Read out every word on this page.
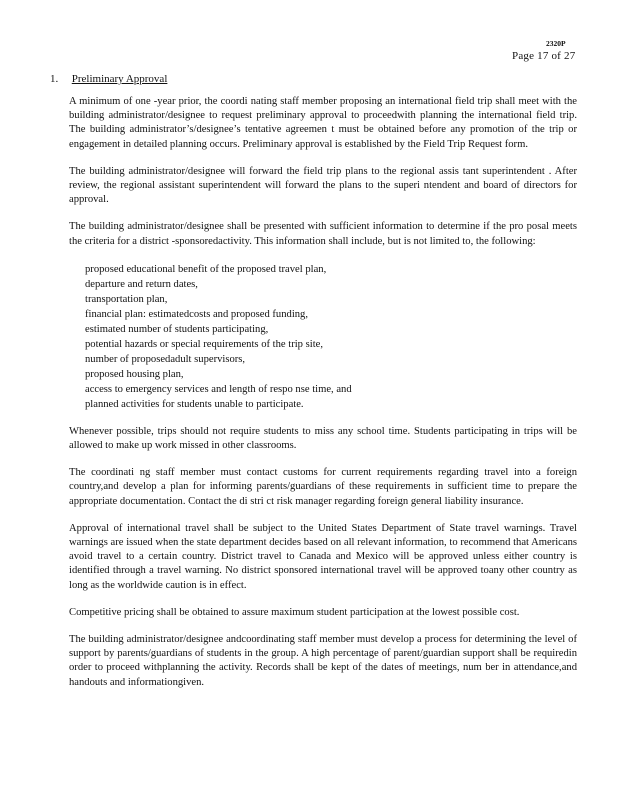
2320P
Page 17 of 27
1. Preliminary Approval

A minimum of one -year prior, the coordi nating staff member proposing an international field trip shall meet with the building administrator/designee to request preliminary approval to proceedwith planning the international field trip. The building administrator’s/designee’s tentative agreemen t must be obtained before any promotion of the trip or engagement in detailed planning occurs. Preliminary approval is established by the Field Trip Request form.

The building administrator/designee will forward the field trip plans to the regional assis tant superintendent . After review, the regional assistant superintendent will forward the plans to the superi ntendent and board of directors for approval.

The building administrator/designee shall be presented with sufficient information to determine if the pro posal meets the criteria for a district -sponsoredactivity. This information shall include, but is not limited to, the following:

proposed educational benefit of the proposed travel plan,
departure and return dates,
transportation plan,
financial plan: estimatedcosts and proposed funding,
estimated number of students participating,
potential hazards or special requirements of the trip site,
number of proposedadult supervisors,
proposed housing plan,
access to emergency services and length of respo nse time, and
planned activities for students unable to participate.

Whenever possible, trips should not require students to miss any school time. Students participating in trips will be allowed to make up work missed in other classrooms.

The coordinati ng staff member must contact customs for current requirements regarding travel into a foreign country,and develop a plan for informing parents/guardians of these requirements in sufficient time to prepare the appropriate documentation. Contact the di stri ct risk manager regarding foreign general liability insurance.

Approval of international travel shall be subject to the United States Department of State travel warnings. Travel warnings are issued when the state department decides based on all relevant information, to recommend that Americans avoid travel to a certain country. District travel to Canada and Mexico will be approved unless either country is identified through a travel warning. No district sponsored international travel will be approved toany other country as long as the worldwide caution is in effect.

Competitive pricing shall be obtained to assure maximum student participation at the lowest possible cost.

The building administrator/designee andcoordinating staff member must develop a process for determining the level of support by parents/guardians of students in the group. A high percentage of parent/guardian support shall be requiredin order to proceed withplanning the activity. Records shall be kept of the dates of meetings, num ber in attendance,and handouts and informationgiven.
